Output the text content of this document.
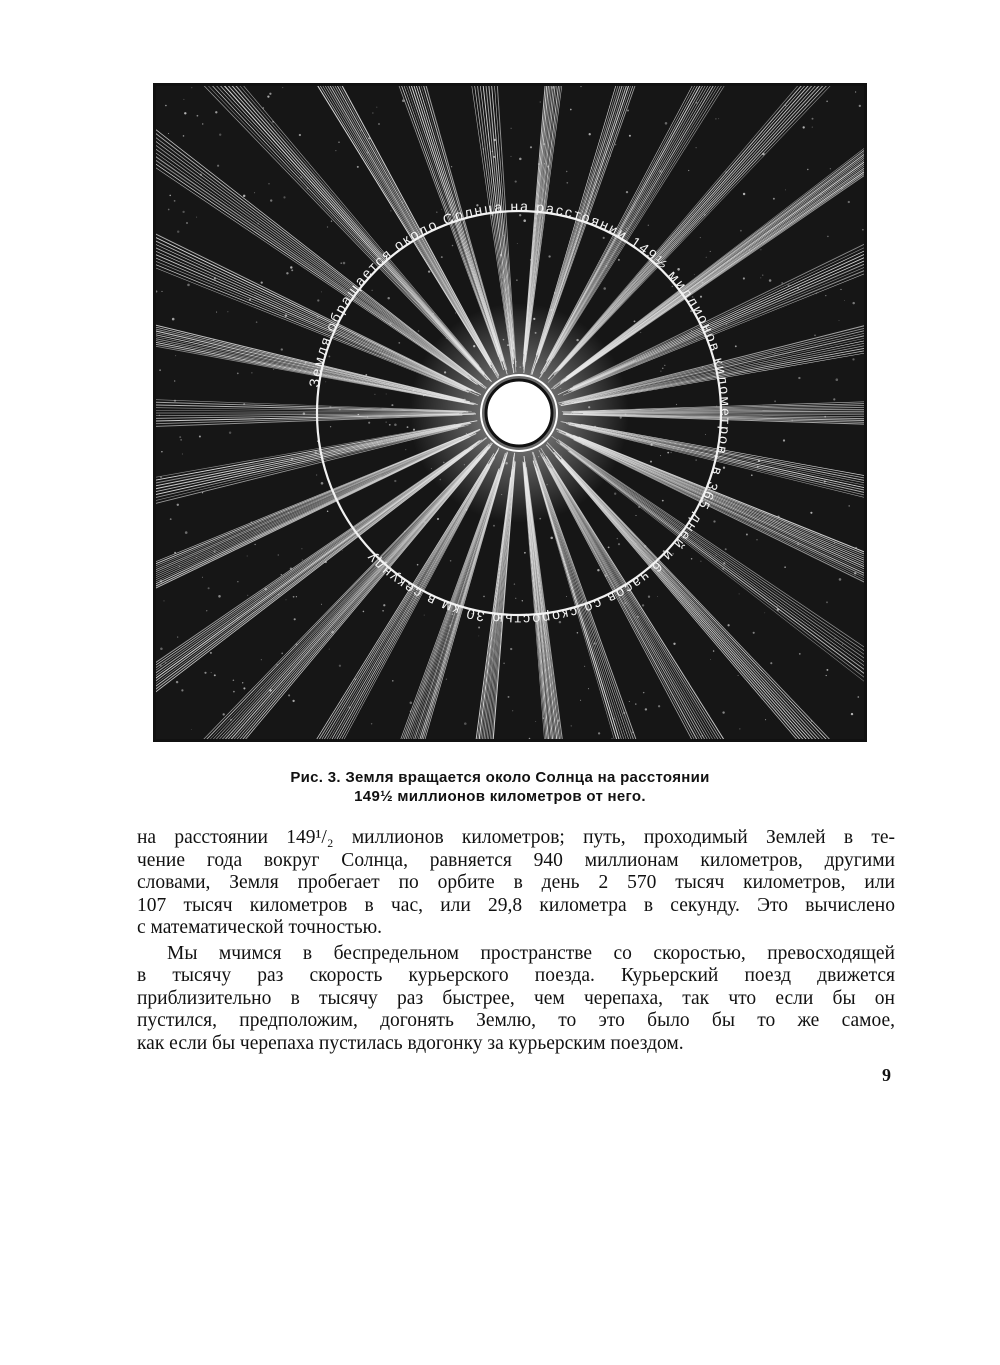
Земля обращается около Солнца на расстоянии 149½ миллионов километров, в 365 дней и 6 часов со скоростью 30 км в секунду
Рис. 3. Земля вращается около Солнца на расстоянии
149½ миллионов километров от него.
на расстоянии 149¹/₂ миллионов километров; путь, проходимый Землей в те-
чение года вокруг Солнца, равняется 940 миллионам километров, другими
словами, Земля пробегает по орбите в день 2 570 тысяч километров, или
107 тысяч километров в час, или 29,8 километра в секунду. Это вычислено
с математической точностью.
Мы мчимся в беспредельном пространстве со скоростью, превосходящей
в тысячу раз скорость курьерского поезда. Курьерский поезд движется
приблизительно в тысячу раз быстрее, чем черепаха, так что если бы он
пустился, предположим, догонять Землю, то это было бы то же самое,
как если бы черепаха пустилась вдогонку за курьерским поездом.
9
